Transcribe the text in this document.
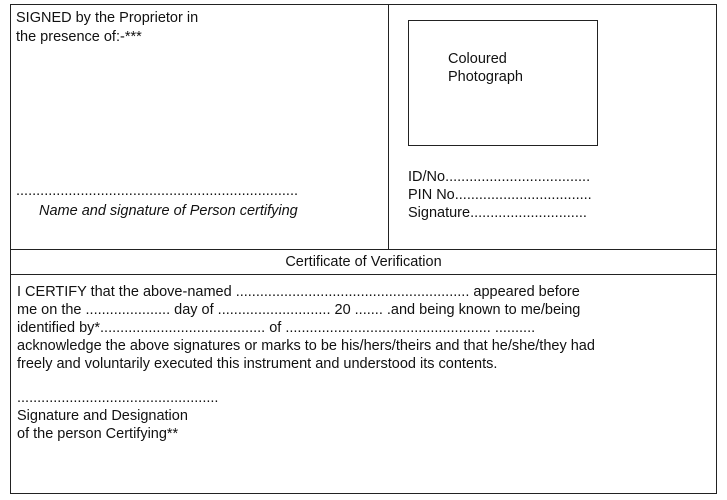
SIGNED by the Proprietor in
the presence of:-***
......................................................................
Name and signature of Person certifying
Coloured
Photograph
ID/No....................................
PIN No..................................
Signature.............................
Certificate of Verification
I CERTIFY that the above-named .......................................................... appeared before
me on the ..................... day of ............................ 20 ....... .and being known to me/being
identified by*......................................... of ................................................... ..........
acknowledge the above signatures or marks to be his/hers/theirs and that he/she/they had
freely and voluntarily executed this instrument and understood its contents.
..................................................
Signature and Designation
of the person Certifying**
